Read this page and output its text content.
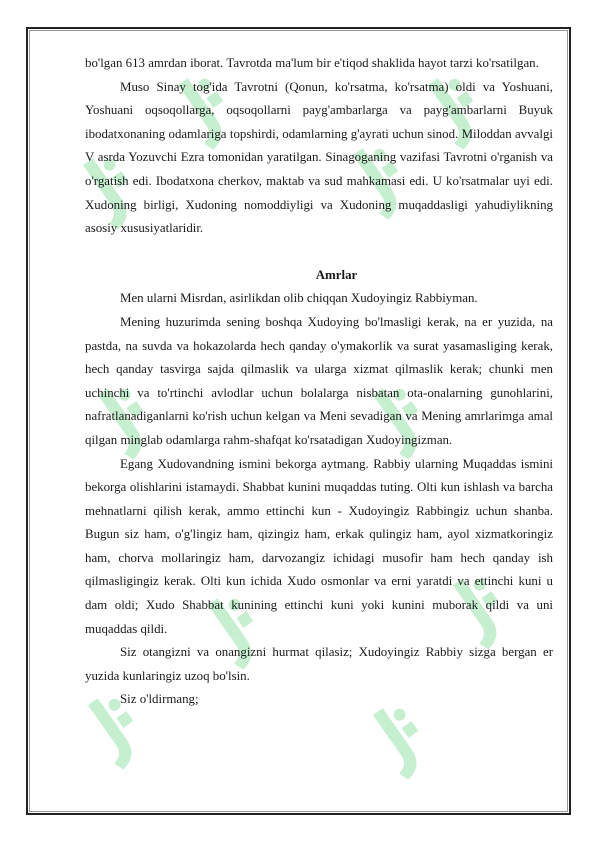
bo'lgan 613 amrdan iborat. Tavrotda ma'lum bir e'tiqod shaklida hayot tarzi ko'rsatilgan.

Muso Sinay tog'ida Tavrotni (Qonun, ko'rsatma, ko'rsatma) oldi va Yoshuani, Yoshuani oqsoqollarga, oqsoqollarni payg'ambarlarga va payg'ambarlarni Buyuk ibodatxonaning odamlariga topshirdi, odamlarning g'ayrati uchun sinod. Miloddan avvalgi V asrda Yozuvchi Ezra tomonidan yaratilgan. Sinagoganing vazifasi Tavrotni o'rganish va o'rgatish edi. Ibodatxona cherkov, maktab va sud mahkamasi edi. U ko'rsatmalar uyi edi. Xudoning birligi, Xudoning nomoddiyligi va Xudoning muqaddasligi yahudiylikning asosiy xususiyatlaridir.

Amrlar

Men ularni Misrdan, asirlikdan olib chiqqan Xudoyingiz Rabbiyman.

Mening huzurimda sening boshqa Xudoying bo'lmasligi kerak, na er yuzida, na pastda, na suvda va hokazolarda hech qanday o'ymakorlik va surat yasamasliging kerak, hech qanday tasvirga sajda qilmaslik va ularga xizmat qilmaslik kerak; chunki men uchinchi va to'rtinchi avlodlar uchun bolalarga nisbatan ota-onalarning gunohlarini, nafratlanadiganlarni ko'rish uchun kelgan va Meni sevadigan va Mening amrlarimga amal qilgan minglab odamlarga rahm-shafqat ko'rsatadigan Xudoyingizman.

Egang Xudovandning ismini bekorga aytmang. Rabbiy ularning Muqaddas ismini bekorga olishlarini istamaydi. Shabbat kunini muqaddas tuting. Olti kun ishlash va barcha mehnatlarni qilish kerak, ammo ettinchi kun - Xudoyingiz Rabbingiz uchun shanba. Bugun siz ham, o'g'lingiz ham, qizingiz ham, erkak qulingiz ham, ayol xizmatkoringiz ham, chorva mollaringiz ham, darvozangiz ichidagi musofir ham hech qanday ish qilmasligingiz kerak. Olti kun ichida Xudo osmonlar va erni yaratdi va ettinchi kuni u dam oldi; Xudo Shabbat kunining ettinchi kuni yoki kunini muborak qildi va uni muqaddas qildi.

Siz otangizni va onangizni hurmat qilasiz; Xudoyingiz Rabbiy sizga bergan er yuzida kunlaringiz uzoq bo'lsin.

Siz o'ldirmang;
